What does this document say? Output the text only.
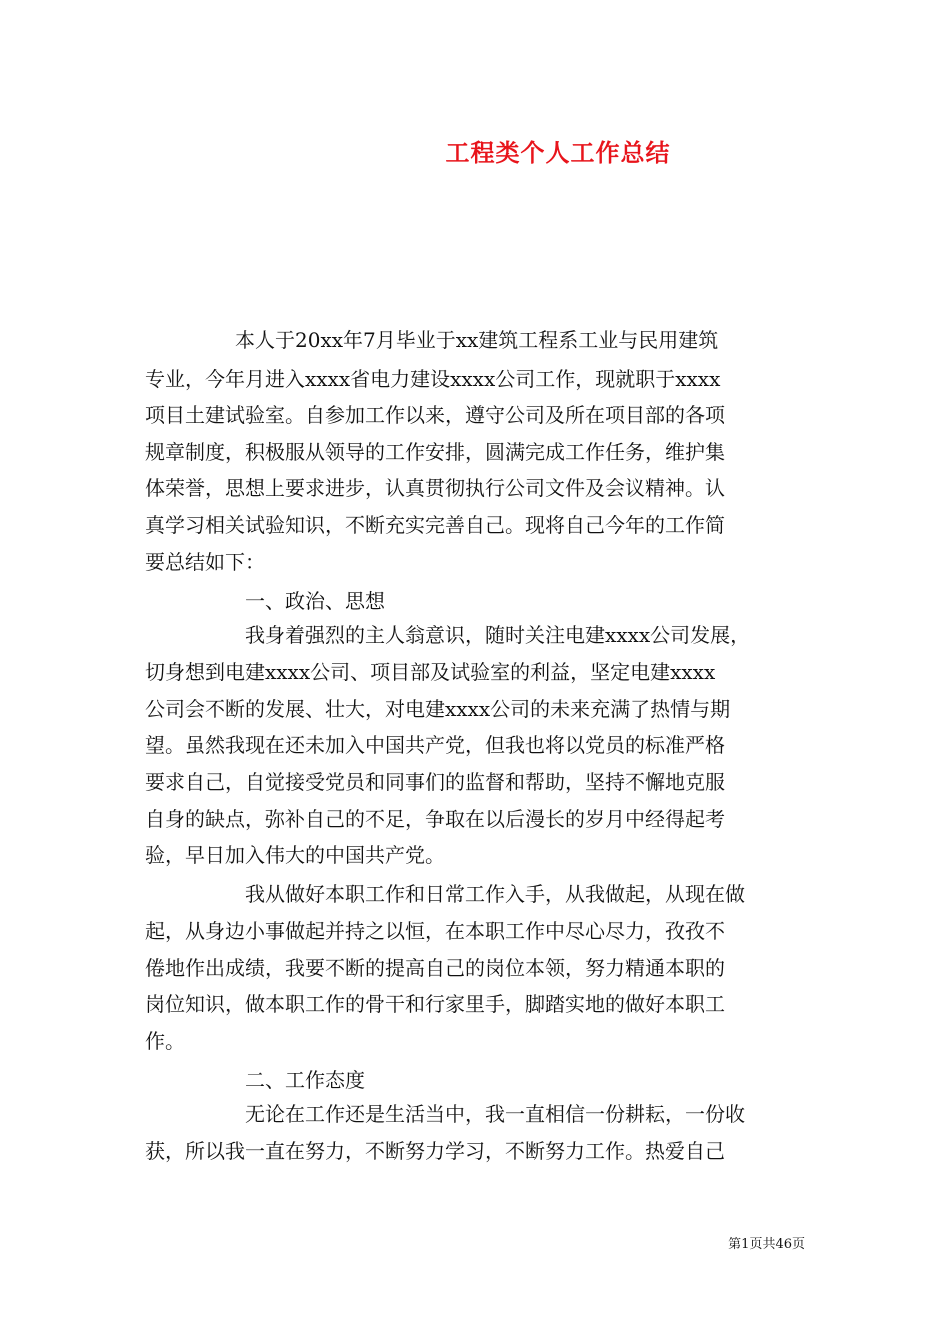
工程类个人工作总结
本人于20xx年7月毕业于xx建筑工程系工业与民用建筑
专业，今年月进入xxxx省电力建设xxxx公司工作，现就职于xxxx
项目土建试验室。自参加工作以来，遵守公司及所在项目部的各项
规章制度，积极服从领导的工作安排，圆满完成工作任务，维护集
体荣誉，思想上要求进步，认真贯彻执行公司文件及会议精神。认
真学习相关试验知识，不断充实完善自己。现将自己今年的工作简
要总结如下：
一、政治、思想
我身着强烈的主人翁意识，随时关注电建xxxx公司发展，
切身想到电建xxxx公司、项目部及试验室的利益，坚定电建xxxx
公司会不断的发展、壮大，对电建xxxx公司的未来充满了热情与期
望。虽然我现在还未加入中国共产党，但我也将以党员的标准严格
要求自己，自觉接受党员和同事们的监督和帮助，坚持不懈地克服
自身的缺点，弥补自己的不足，争取在以后漫长的岁月中经得起考
验，早日加入伟大的中国共产党。
我从做好本职工作和日常工作入手，从我做起，从现在做
起，从身边小事做起并持之以恒，在本职工作中尽心尽力，孜孜不
倦地作出成绩，我要不断的提高自己的岗位本领，努力精通本职的
岗位知识，做本职工作的骨干和行家里手，脚踏实地的做好本职工
作。
二、工作态度
无论在工作还是生活当中，我一直相信一份耕耘，一份收
获，所以我一直在努力，不断努力学习，不断努力工作。热爱自己
第1页共46页
